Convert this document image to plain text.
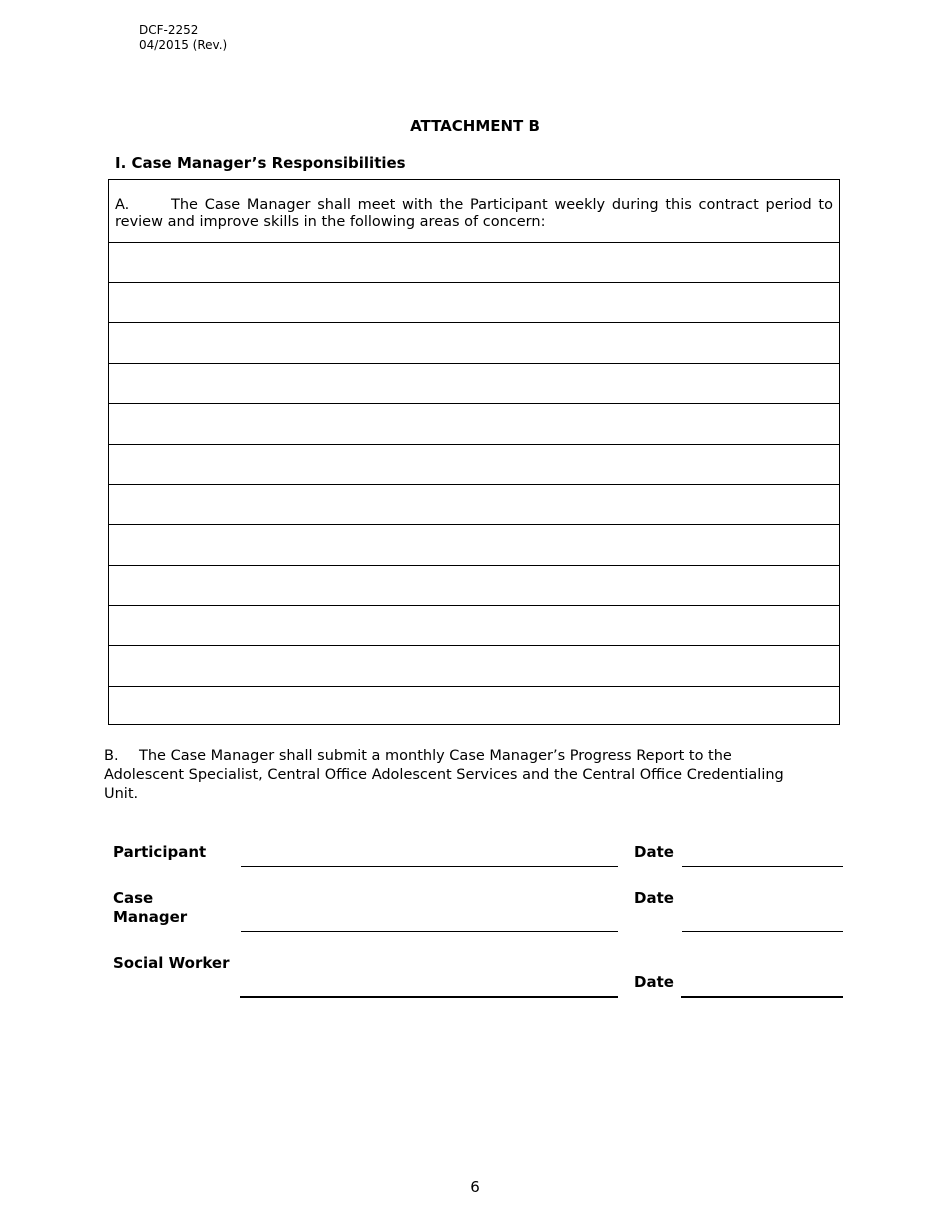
DCF-2252
04/2015 (Rev.)
ATTACHMENT B
I. Case Manager’s Responsibilities
A.	The Case Manager shall meet with the Participant weekly during this contract period to review and improve skills in the following areas of concern:
B. The Case Manager shall submit a monthly Case Manager’s Progress Report to the Adolescent Specialist, Central Office Adolescent Services and the Central Office Credentialing Unit.
Participant	Date
Case
Manager
Date
Social Worker
Date
6
